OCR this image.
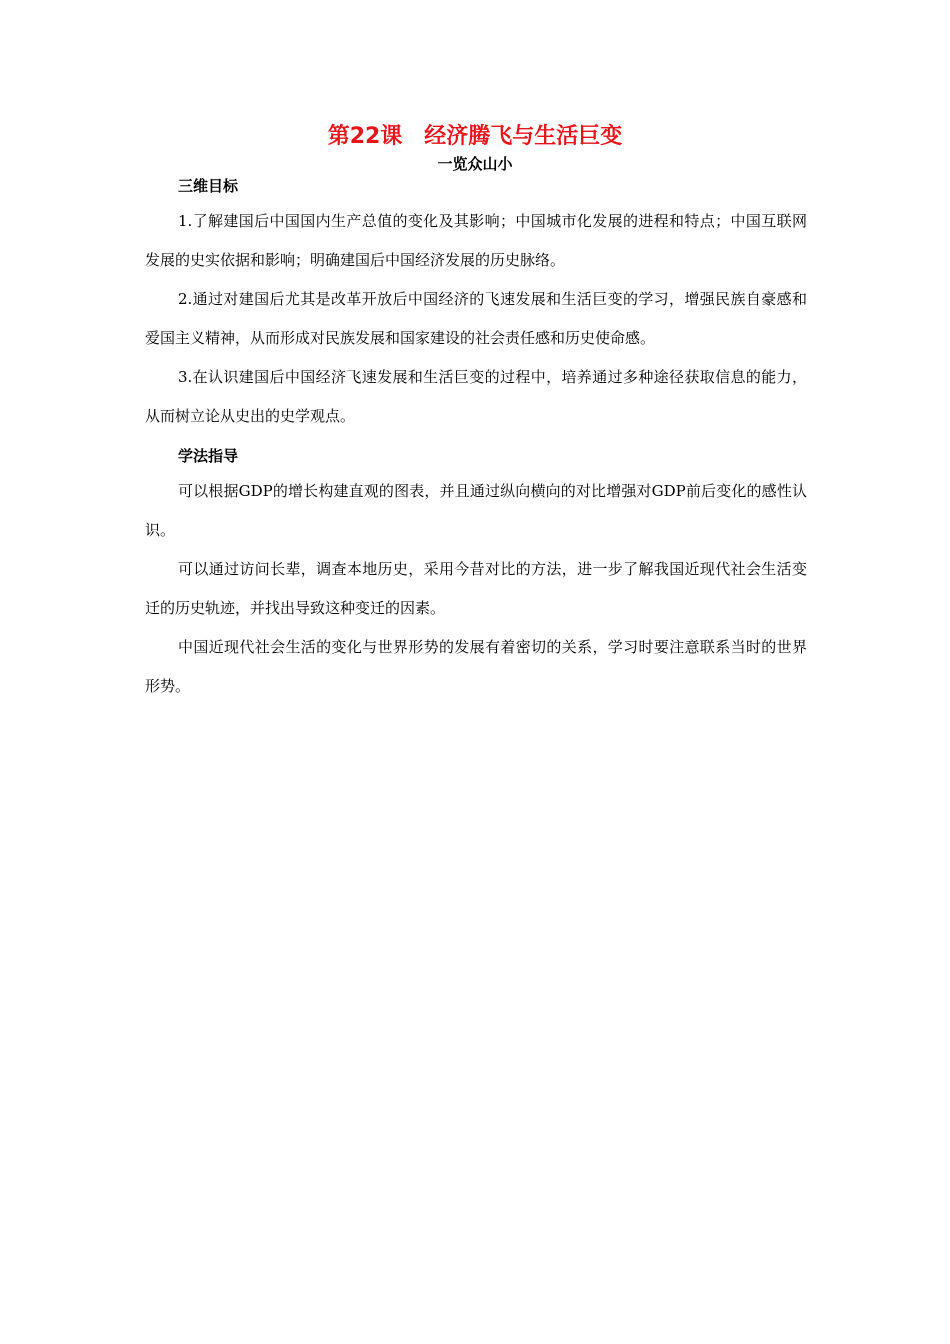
第22课　经济腾飞与生活巨变
一览众山小
三维目标

1.了解建国后中国国内生产总值的变化及其影响；中国城市化发展的进程和特点；中国互联网发展的史实依据和影响；明确建国后中国经济发展的历史脉络。

2.通过对建国后尤其是改革开放后中国经济的飞速发展和生活巨变的学习，增强民族自豪感和爱国主义精神，从而形成对民族发展和国家建设的社会责任感和历史使命感。

3.在认识建国后中国经济飞速发展和生活巨变的过程中，培养通过多种途径获取信息的能力，从而树立论从史出的史学观点。

学法指导

可以根据GDP的增长构建直观的图表，并且通过纵向横向的对比增强对GDP前后变化的感性认识。

可以通过访问长辈，调查本地历史，采用今昔对比的方法，进一步了解我国近现代社会生活变迁的历史轨迹，并找出导致这种变迁的因素。

中国近现代社会生活的变化与世界形势的发展有着密切的关系，学习时要注意联系当时的世界形势。
